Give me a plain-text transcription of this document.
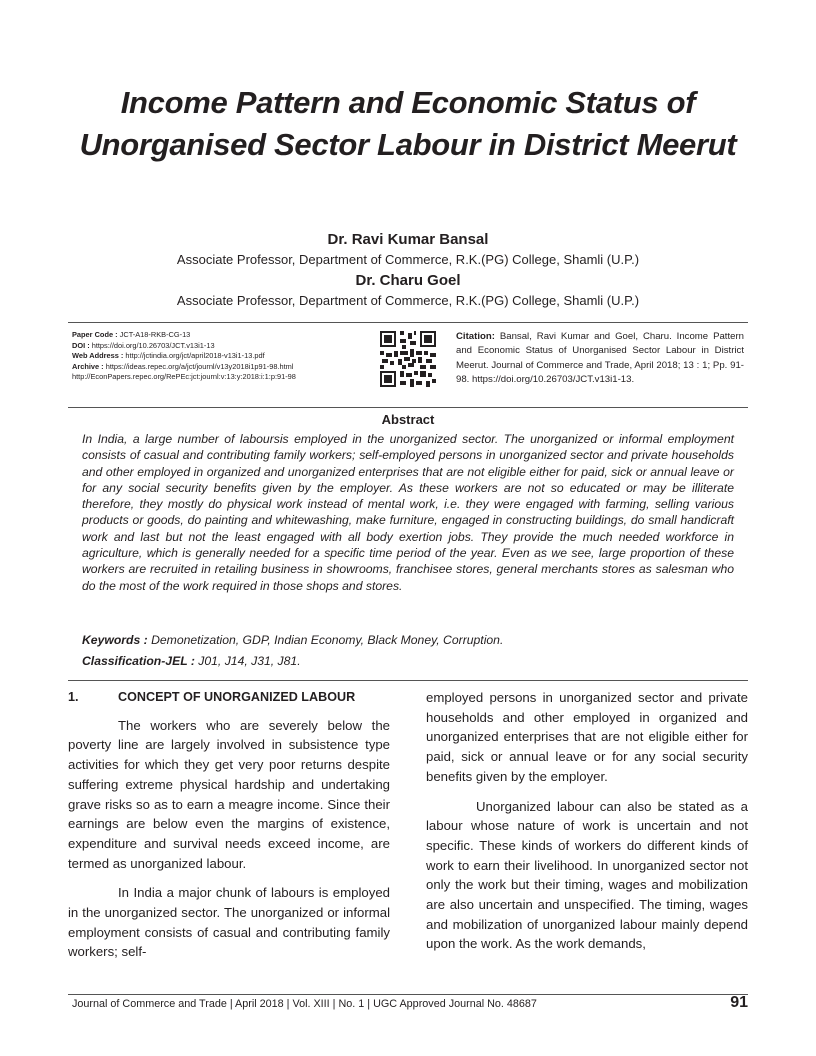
Income Pattern and Economic Status of
Unorganised Sector Labour in District Meerut

Dr. Ravi Kumar Bansal

Associate Professor, Department of Commerce, R.K.(PG) College, Shamli (U.P.)

Dr. Charu Goel

Associate Professor, Department of Commerce, R.K.(PG) College, Shamli (U.P.)

Paper Code : JCT-A18-RKB-CG-13
DOI : https://doi.org/10.26703/JCT.v13i1-13
Web Address : http://jctindia.org/jct/april2018-v13i1-13.pdf
Archive : https://ideas.repec.org/a/jct/journl/v13y2018i1p91-98.html
http://EconPapers.repec.org/RePEc:jct:journl:v:13:y:2018:i:1:p:91-98
Citation: Bansal, Ravi Kumar and Goel, Charu. Income Pattern and Economic Status of Unorganised Sector Labour in District Meerut. Journal of Commerce and Trade, April 2018; 13 : 1; Pp. 91-98. https://doi.org/10.26703/JCT.v13i1-13.

Abstract

In India, a large number of laboursis employed in the unorganized sector. The unorganized or informal employment consists of casual and contributing family workers; self-employed persons in unorganized sector and private households and other employed in organized and unorganized enterprises that are not eligible either for paid, sick or annual leave or for any social security benefits given by the employer. As these workers are not so educated or may be illiterate therefore, they mostly do physical work instead of mental work, i.e. they were engaged with farming, selling various products or goods, do painting and whitewashing, make furniture, engaged in constructing buildings, do small handicraft work and last but not the least engaged with all body exertion jobs. They provide the much needed workforce in agriculture, which is generally needed for a specific time period of the year. Even as we see, large proportion of these workers are recruited in retailing business in showrooms, franchisee stores, general merchants stores as salesman who do the most of the work required in those shops and stores.

Keywords : Demonetization, GDP, Indian Economy, Black Money, Corruption.

Classification-JEL : J01, J14, J31, J81.

1.	CONCEPT OF UNORGANIZED LABOUR

The workers who are severely below the poverty line are largely involved in subsistence type activities for which they get very poor returns despite suffering extreme physical hardship and undertaking grave risks so as to earn a meagre income. Since their earnings are below even the margins of existence, expenditure and survival needs exceed income, are termed as unorganized labour.

In India a major chunk of labours is employed in the unorganized sector. The unorganized or informal employment consists of casual and contributing family workers; self-

employed persons in unorganized sector and private households and other employed in organized and unorganized enterprises that are not eligible either for paid, sick or annual leave or for any social security benefits given by the employer.

Unorganized labour can also be stated as a labour whose nature of work is uncertain and not specific. These kinds of workers do different kinds of work to earn their livelihood. In unorganized sector not only the work but their timing, wages and mobilization are also uncertain and unspecified. The timing, wages and mobilization of unorganized labour mainly depend upon the work. As the work demands,

Journal of Commerce and Trade | April 2018 | Vol. XIII | No. 1 | UGC Approved Journal No. 48687	91
